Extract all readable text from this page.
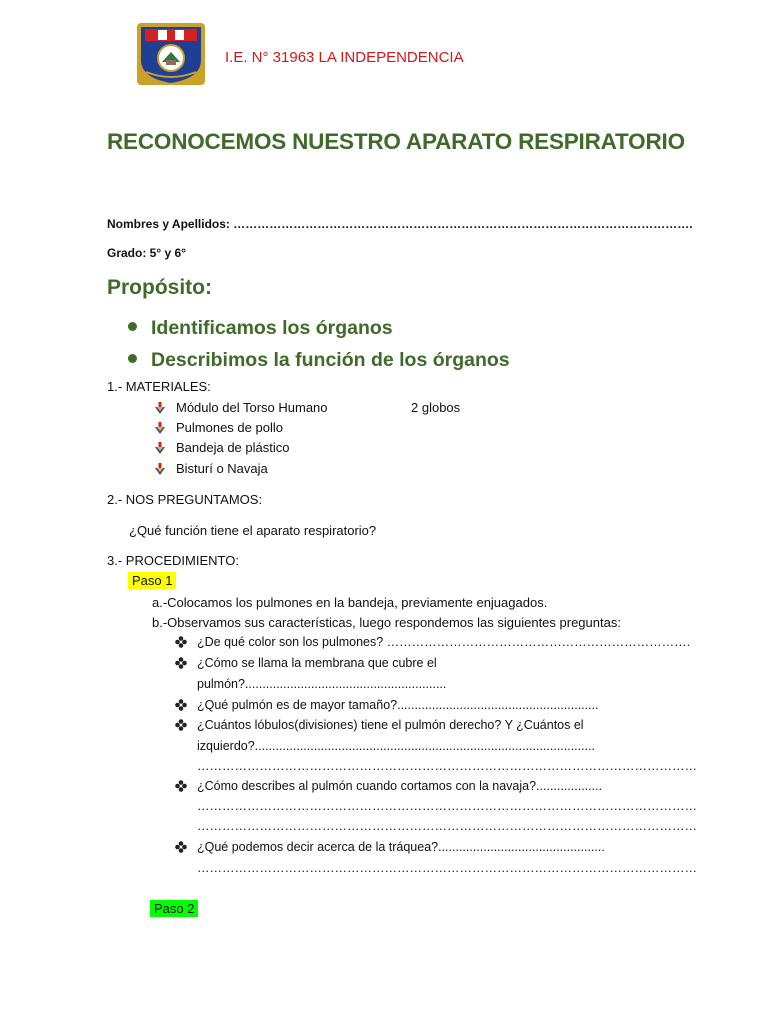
I.E. N° 31963 LA INDEPENDENCIA
RECONOCEMOS NUESTRO APARATO RESPIRATORIO
Nombres y Apellidos: …………………………………………………………………………………………………….
Grado: 5° y 6°
Propósito:
Identificamos los órganos
Describimos la función de los órganos
1.- MATERIALES:
Módulo del Torso Humano	2 globos
Pulmones de pollo
Bandeja de plástico
Bisturí o Navaja
2.- NOS PREGUNTAMOS:
¿Qué función tiene el aparato respiratorio?
3.- PROCEDIMIENTO:
Paso 1
a.-Colocamos los pulmones en la bandeja, previamente enjuagados.
b.-Observamos sus características, luego respondemos las siguientes preguntas:
¿De qué color son los pulmones? ……………………………………………………………….
¿Cómo se llama la membrana que cubre el
pulmón?..........................................................
¿Qué pulmón es de mayor tamaño?..........................................................
¿Cuántos lóbulos(divisiones) tiene el pulmón derecho? Y ¿Cuántos el
izquierdo?..................................................................................................
…………………………………………………………………………………………………………
¿Cómo describes al pulmón cuando cortamos con la navaja?...................
…………………………………………………………………………………………………………
…………………………………………………………………………………………………………
¿Qué podemos decir acerca de la tráquea?................................................
…………………………………………………………………………………………………………
Paso 2
